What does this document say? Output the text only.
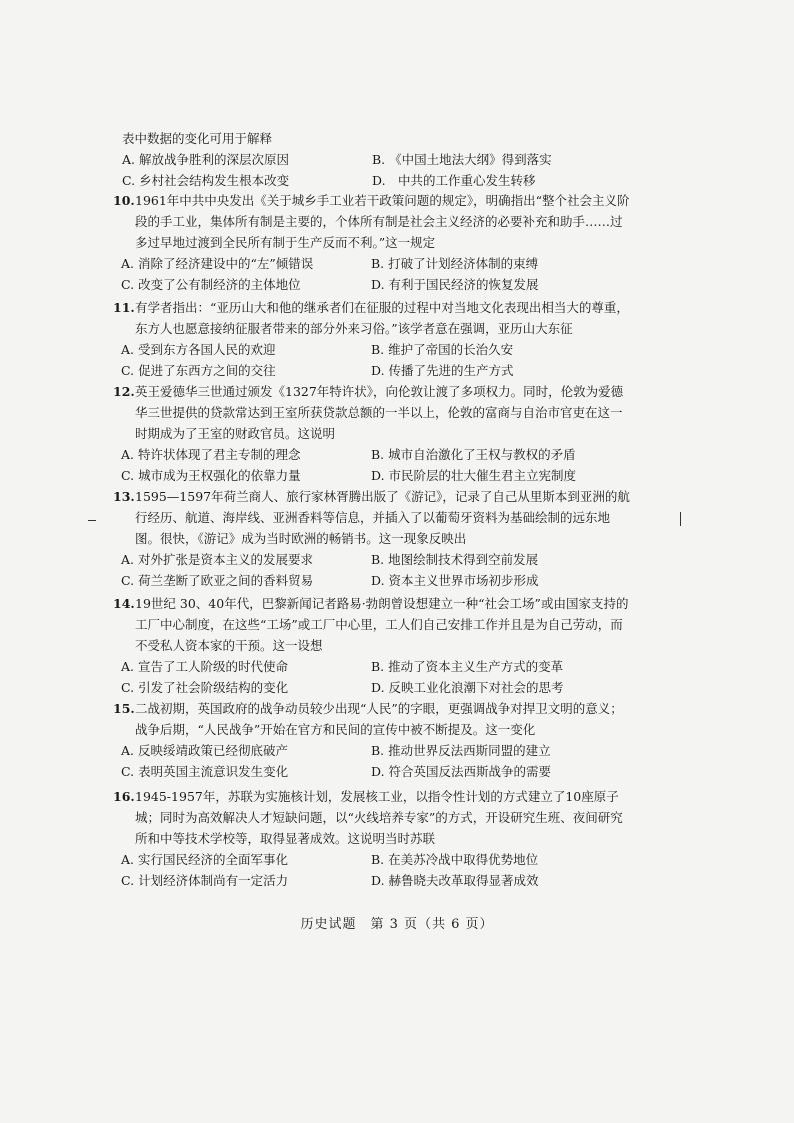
表中数据的变化可用于解释
A. 解放战争胜利的深层次原因	B. 《中国土地法大纲》得到落实
C. 乡村社会结构发生根本改变	D.　中共的工作重心发生转移
10.1961年中共中央发出《关于城乡手工业若干政策问题的规定》，明确指出“整个社会主义阶段的手工业，集体所有制是主要的，个体所有制是社会主义经济的必要补充和助手……过多过早地过渡到全民所有制于生产反而不利。”这一规定
A. 消除了经济建设中的“左”倾错误	B. 打破了计划经济体制的束缚
C. 改变了公有制经济的主体地位	D. 有利于国民经济的恢复发展
11.有学者指出：“亚历山大和他的继承者们在征服的过程中对当地文化表现出相当大的尊重，东方人也愿意接纳征服者带来的部分外来习俗。”该学者意在强调，亚历山大东征
A. 受到东方各国人民的欢迎	B. 维护了帝国的长治久安
C. 促进了东西方之间的交往	D. 传播了先进的生产方式
12.英王爱德华三世通过颁发《1327年特许状》，向伦敦让渡了多项权力。同时，伦敦为爱德华三世提供的贷款常达到王室所获贷款总额的一半以上，伦敦的富商与自治市官吏在这一时期成为了王室的财政官员。这说明
A. 特许状体现了君主专制的理念	B. 城市自治激化了王权与教权的矛盾
C. 城市成为王权强化的依靠力量	D. 市民阶层的壮大催生君主立宪制度
13.1595—1597年荷兰商人、旅行家林胥腾出版了《游记》，记录了自己从里斯本到亚洲的航行经历、航道、海岸线、亚洲香料等信息，并插入了以葡萄牙资料为基础绘制的远东地图。很快，《游记》成为当时欧洲的畅销书。这一现象反映出
A. 对外扩张是资本主义的发展要求	B. 地图绘制技术得到空前发展
C. 荷兰垄断了欧亚之间的香料贸易	D. 资本主义世界市场初步形成
14.19世纪 30、40年代，巴黎新闻记者路易·勃朗曾设想建立一种“社会工场”或由国家支持的工厂中心制度，在这些“工场”或工厂中心里，工人们自己安排工作并且是为自己劳动，而不受私人资本家的干预。这一设想
A. 宣告了工人阶级的时代使命	B. 推动了资本主义生产方式的变革
C. 引发了社会阶级结构的变化	D. 反映工业化浪潮下对社会的思考
15.二战初期，英国政府的战争动员较少出现“人民”的字眼，更强调战争对捍卫文明的意义；战争后期，“人民战争”开始在官方和民间的宣传中被不断提及。这一变化
A. 反映绥靖政策已经彻底破产	B. 推动世界反法西斯同盟的建立
C. 表明英国主流意识发生变化	D. 符合英国反法西斯战争的需要
16.1945-1957年，苏联为实施核计划，发展核工业，以指令性计划的方式建立了10座原子城；同时为高效解决人才短缺问题，以“火线培养专家”的方式，开设研究生班、夜间研究所和中等技术学校等，取得显著成效。这说明当时苏联
A. 实行国民经济的全面军事化	B. 在美苏冷战中取得优势地位
C. 计划经济体制尚有一定活力	D. 赫鲁晓夫改革取得显著成效
历史试题　第 3 页（共 6 页）
